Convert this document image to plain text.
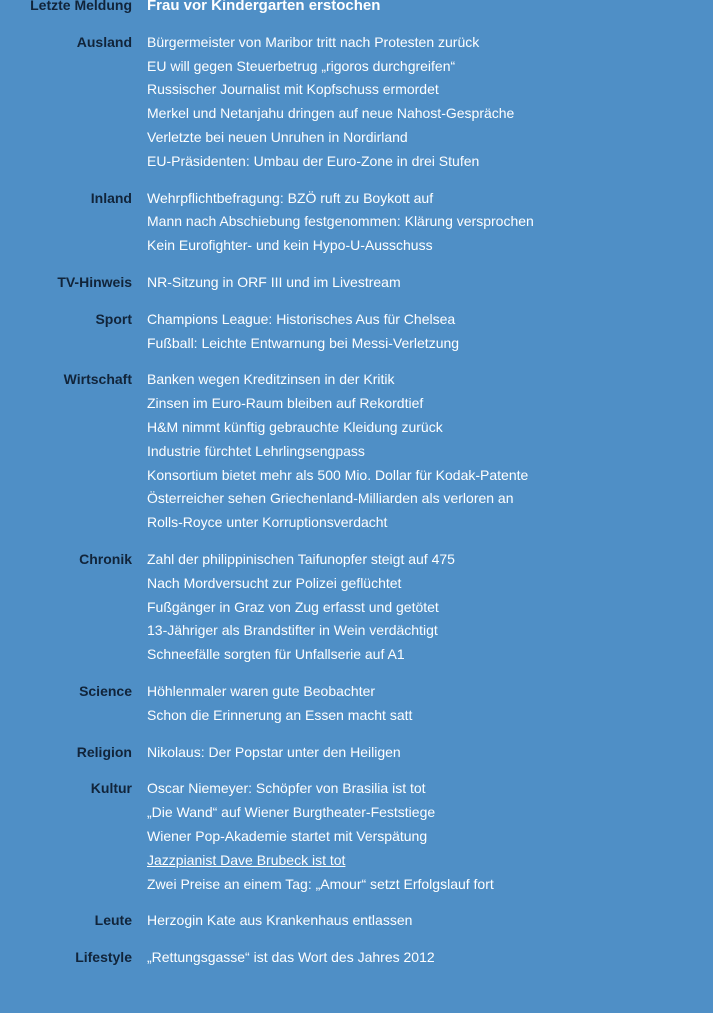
Letzte Meldung Frau vor Kindergarten erstochen
Ausland Bürgermeister von Maribor tritt nach Protesten zurück
EU will gegen Steuerbetrug „rigoros durchgreifen“
Russischer Journalist mit Kopfschuss ermordet
Merkel und Netanjahu dringen auf neue Nahost-Gespräche
Verletzte bei neuen Unruhen in Nordirland
EU-Präsidenten: Umbau der Euro-Zone in drei Stufen
Inland Wehrpflichtbefragung: BZÖ ruft zu Boykott auf
Mann nach Abschiebung festgenommen: Klärung versprochen
Kein Eurofighter- und kein Hypo-U-Ausschuss
TV-Hinweis NR-Sitzung in ORF III und im Livestream
Sport Champions League: Historisches Aus für Chelsea
Fußball: Leichte Entwarnung bei Messi-Verletzung
Wirtschaft Banken wegen Kreditzinsen in der Kritik
Zinsen im Euro-Raum bleiben auf Rekordtief
H&M nimmt künftig gebrauchte Kleidung zurück
Industrie fürchtet Lehrlingsengpass
Konsortium bietet mehr als 500 Mio. Dollar für Kodak-Patente
Österreicher sehen Griechenland-Milliarden als verloren an
Rolls-Royce unter Korruptionsverdacht
Chronik Zahl der philippinischen Taifunopfer steigt auf 475
Nach Mordversucht zur Polizei geflüchtet
Fußgänger in Graz von Zug erfasst und getötet
13-Jähriger als Brandstifter in Wein verdächtigt
Schneefälle sorgten für Unfallserie auf A1
Science Höhlenmaler waren gute Beobachter
Schon die Erinnerung an Essen macht satt
Religion Nikolaus: Der Popstar unter den Heiligen
Kultur Oscar Niemeyer: Schöpfer von Brasilia ist tot
„Die Wand“ auf Wiener Burgtheater-Feststiege
Wiener Pop-Akademie startet mit Verspätung
Jazzpianist Dave Brubeck ist tot
Zwei Preise an einem Tag: „Amour“ setzt Erfolgslauf fort
Leute Herzogin Kate aus Krankenhaus entlassen
Lifestyle „Rettungsgasse“ ist das Wort des Jahres 2012
